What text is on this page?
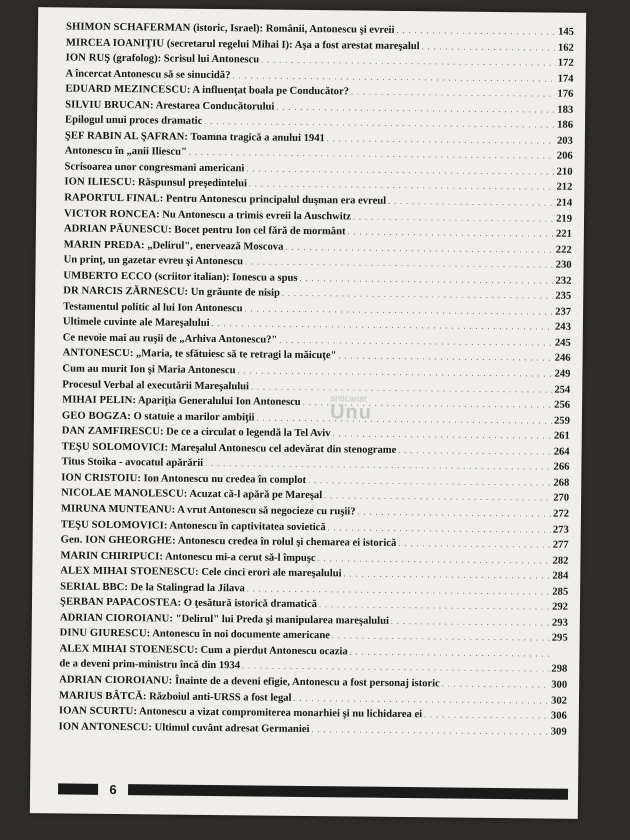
SHIMON SCHAFERMAN (istoric, Israel): Românii, Antonescu şi evreii . . .	145
MIRCEA IOANIŢIU (secretarul regelui Mihai I): Aşa a fost arestat mareşalul . . .	162
ION RUŞ (grafolog): Scrisul lui Antonescu . . .	172
A încercat Antonescu să se sinucidă? . . .	174
EDUARD MEZINCESCU: A influenţat boala pe Conducător? . . .	176
SILVIU BRUCAN: Arestarea Conducătorului . . .	183
Epilogul unui proces dramatic . . .	186
ŞEF RABIN AL ŞAFRAN: Toamna tragică a anului 1941 . . .	203
Antonescu în „anii Iliescu" . . .	206
Scrisoarea unor congresmani americani . . .	210
ION ILIESCU: Răspunsul preşedintelui . . .	212
RAPORTUL FINAL: Pentru Antonescu principalul duşman era evreul . . .	214
VICTOR RONCEA: Nu Antonescu a trimis evreii la Auschwitz . . .	219
ADRIAN PĂUNESCU: Bocet pentru Ion cel fără de mormânt . . .	221
MARIN PREDA: „Delirul", enervează Moscova . . .	222
Un prinţ, un gazetar evreu şi Antonescu . . .	230
UMBERTO ECCO (scriitor italian): Ionescu a spus . . .	232
DR NARCIS ZĂRNESCU: Un grăunte de nisip . . .	235
Testamentul politic al lui Ion Antonescu . . .	237
Ultimele cuvinte ale Mareşalului . . .	243
Ce nevoie mai au ruşii de „Arhiva Antonescu?" . . .	245
ANTONESCU: „Maria, te sfătuiesc să te retragi la măicuţe" . . .	246
Cum au murit Ion şi Maria Antonescu . . .	249
Procesul Verbal al executării Mareşalului . . .	254
MIHAI PELIN: Apariţia Generalului Ion Antonescu . . .	256
GEO BOGZA: O statuie a marilor ambiţii . . .	259
DAN ZAMFIRESCU: De ce a circulat o legendă la Tel Aviv . . .	261
TEŞU SOLOMOVICI: Mareşalul Antonescu cel adevărat din stenograme . . .	264
Titus Stoika - avocatul apărării . . .	266
ION CRISTOIU: Ion Antonescu nu credea în complot . . .	268
NICOLAE MANOLESCU: Acuzat că-l apără pe Mareşal . . .	270
MIRUNA MUNTEANU: A vrut Antonescu să negocieze cu ruşii? . . .	272
TEŞU SOLOMOVICI: Antonescu în captivitatea sovietică . . .	273
Gen. ION GHEORGHE: Antonescu credea în rolul şi chemarea ei istorică . . .	277
MARIN CHIRIPUCI: Antonescu mi-a cerut să-l împuşc . . .	282
ALEX MIHAI STOENESCU: Cele cinci erori ale mareşalului . . .	284
SERIAL BBC: De la Stalingrad la Jilava . . .	285
ŞERBAN PAPACOSTEA: O ţesătură istorică dramatică . . .	292
ADRIAN CIOROIANU: "Delirul" lui Preda şi manipularea mareşalului . . .	293
DINU GIURESCU: Antonescu în noi documente americane . . .	295
ALEX MIHAI STOENESCU: Cum a pierdut Antonescu ocazia
. . .
de a deveni prim-ministru încă din 1934 . . .	298
ADRIAN CIOROIANU: Înainte de a deveni efigie, Antonescu a fost personaj istoric . . .	300
MARIUS BÂTCĂ: Războiul anti-URSS a fost legal . . .	302
IOAN SCURTU: Antonescu a vizat compromiterea monarhiei şi nu lichidarea ei . . .	306
ION ANTONESCU: Ultimul cuvânt adresat Germaniei . . .	309
anticariat
Unu
6
